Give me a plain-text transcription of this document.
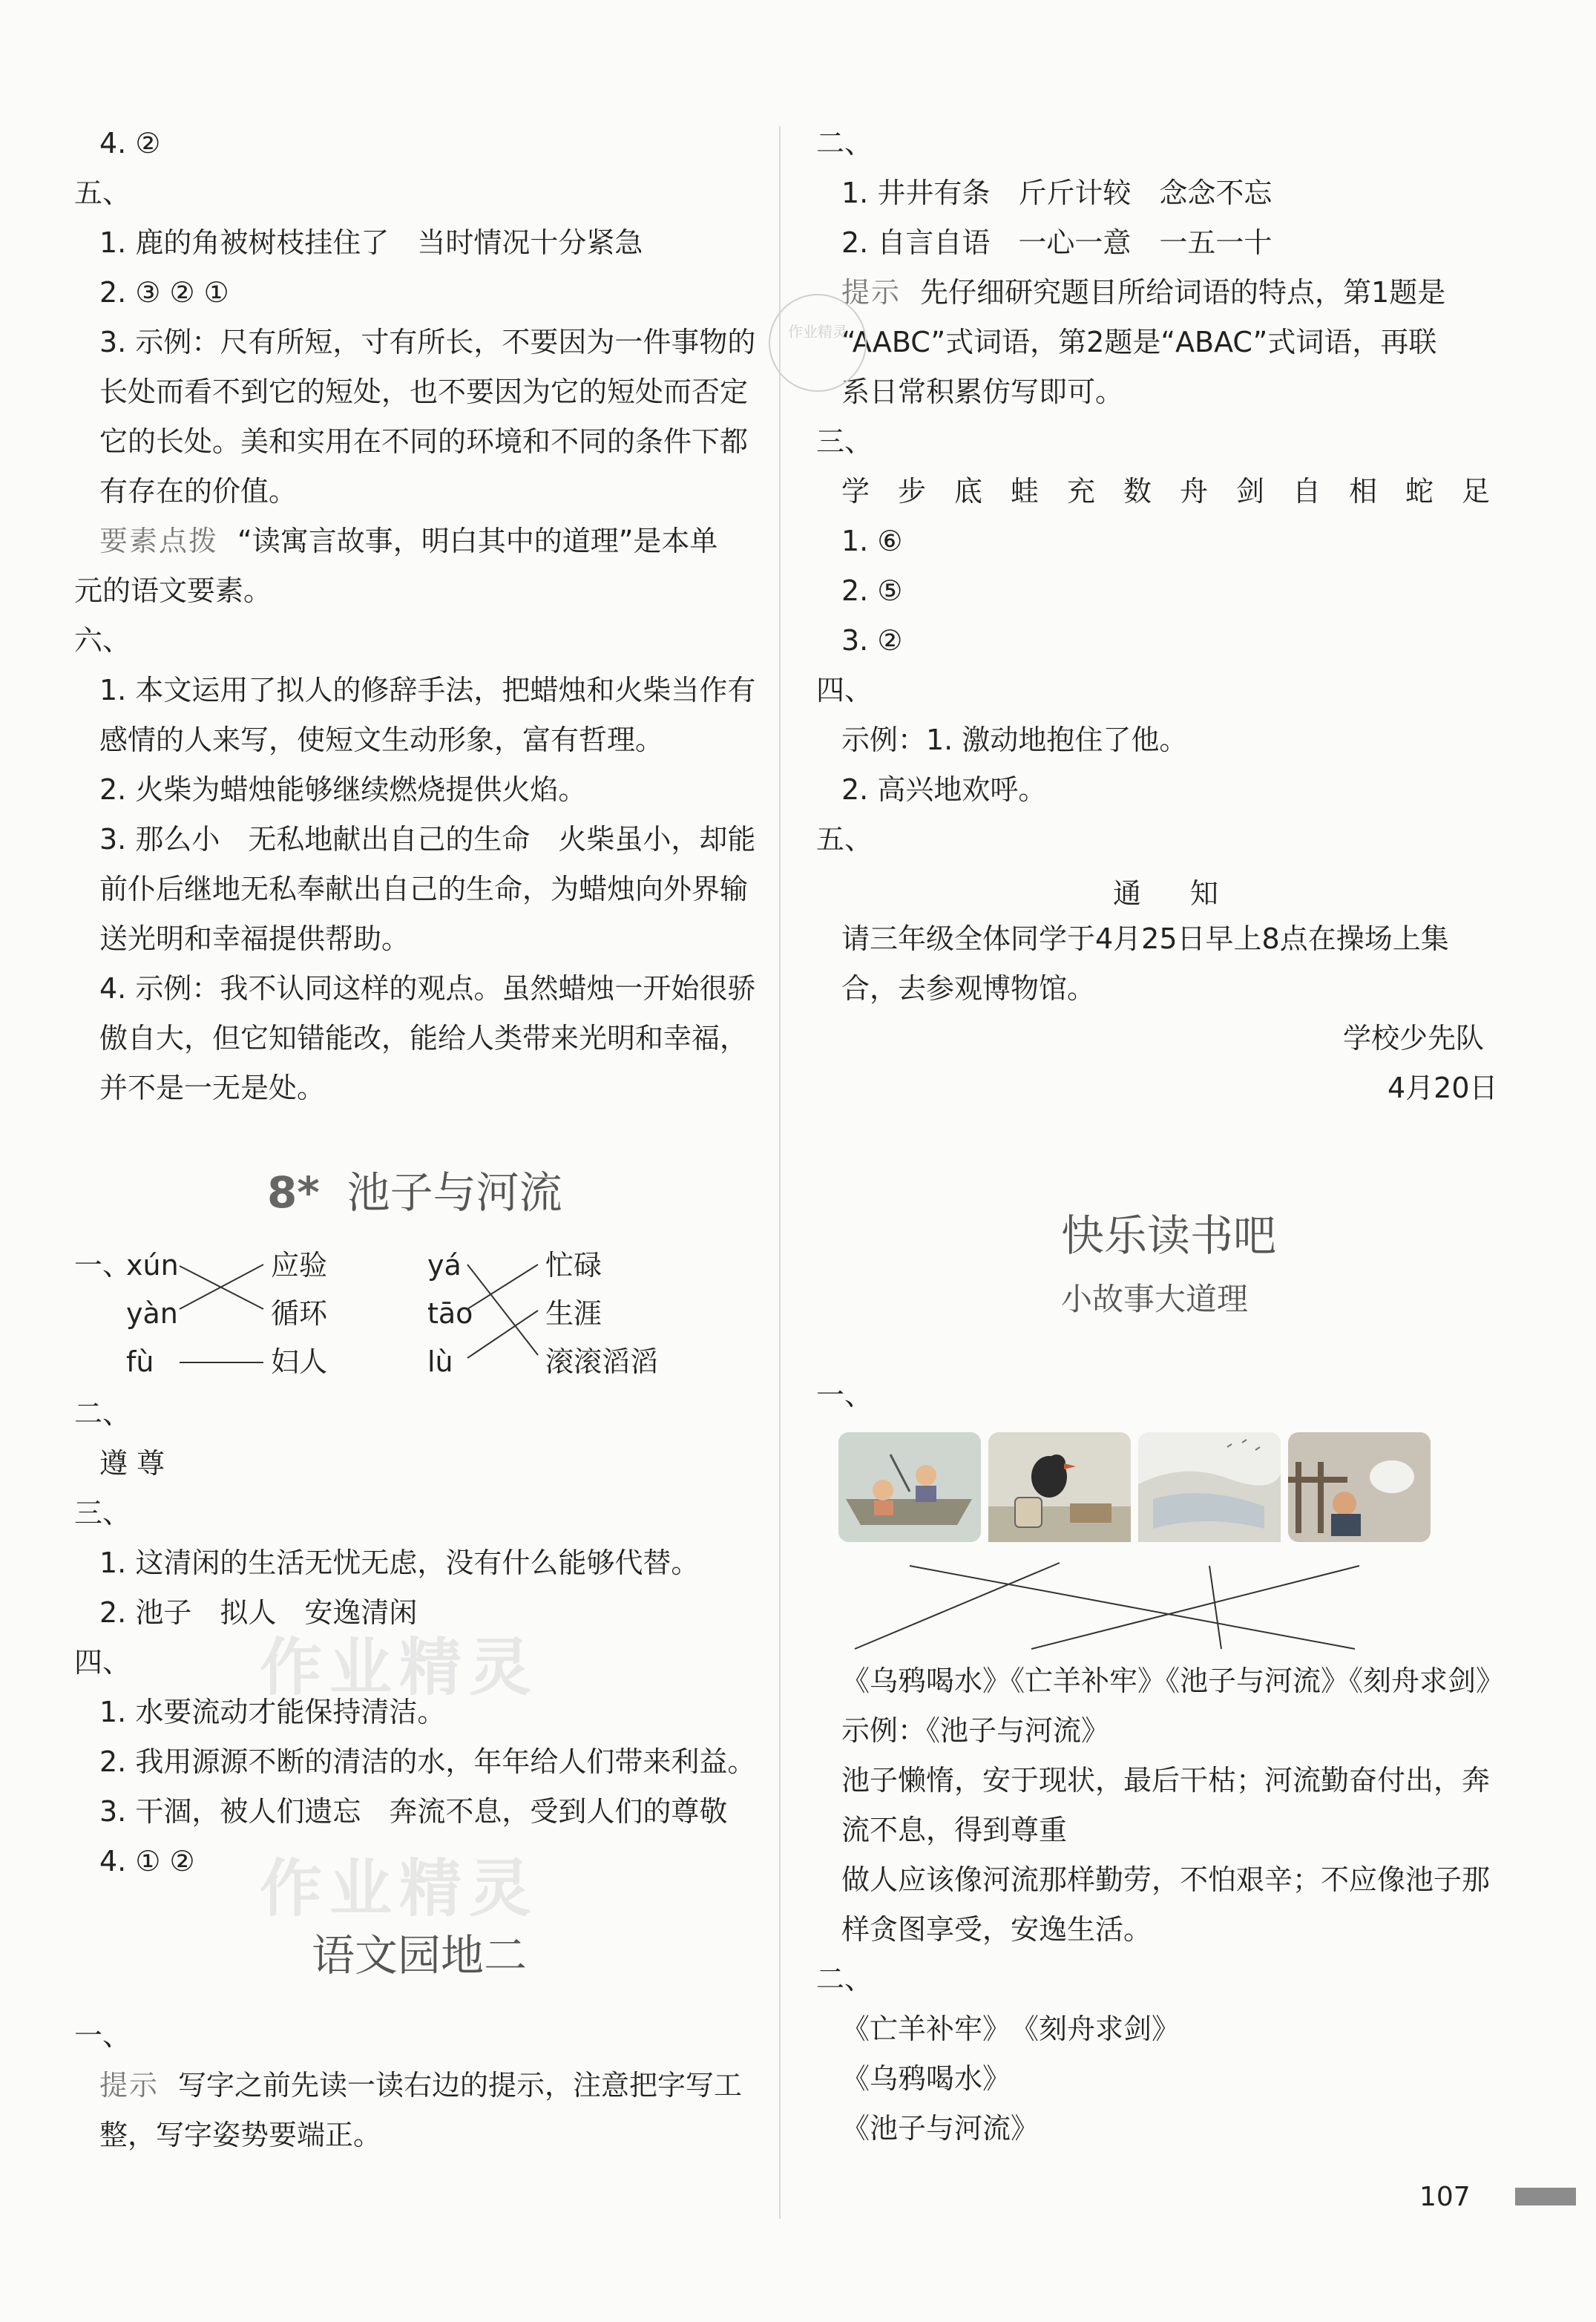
4. ②
五、
1. 鹿的角被树枝挂住了　当时情况十分紧急
2. ③ ② ①
3. 示例：尺有所短，寸有所长，不要因为一件事物的
长处而看不到它的短处，也不要因为它的短处而否定
它的长处。美和实用在不同的环境和不同的条件下都
有存在的价值。
要素点拨 “读寓言故事，明白其中的道理”是本单
元的语文要素。
六、
1. 本文运用了拟人的修辞手法，把蜡烛和火柴当作有
感情的人来写，使短文生动形象，富有哲理。
2. 火柴为蜡烛能够继续燃烧提供火焰。
3. 那么小　无私地献出自己的生命　火柴虽小，却能
前仆后继地无私奉献出自己的生命，为蜡烛向外界输
送光明和幸福提供帮助。
4. 示例：我不认同这样的观点。虽然蜡烛一开始很骄
傲自大，但它知错能改，能给人类带来光明和幸福，
并不是一无是处。
8* 池子与河流
一、
xún
yàn
fù
应验
循环
妇人
yá
tāo
lù
忙碌
生涯
滚滚滔滔
二、
遵 尊
三、
1. 这清闲的生活无忧无虑，没有什么能够代替。
2. 池子　拟人　安逸清闲
作业精灵
四、
1. 水要流动才能保持清洁。
2. 我用源源不断的清洁的水，年年给人们带来利益。
3. 干涸，被人们遗忘　奔流不息，受到人们的尊敬
4. ① ② 作业精灵
语文园地二
一、
提示 写字之前先读一读右边的提示，注意把字写工
整，写字姿势要端正。
二、
1. 井井有条　斤斤计较　念念不忘
2. 自言自语　一心一意　一五一十
提示 先仔细研究题目所给词语的特点，第1题是
“AABC”式词语，第2题是“ABAC”式词语，再联
系日常积累仿写即可。
三、
学　步　底　蛙　充　数　舟　剑　自　相　蛇　足
1. ⑥
2. ⑤
3. ②
四、
示例：1. 激动地抱住了他。
2. 高兴地欢呼。
五、
通　知
请三年级全体同学于4月25日早上8点在操场上集
合，去参观博物馆。
学校少先队
4月20日
快乐读书吧
小故事大道理
一、
《乌鸦喝水》《亡羊补牢》《池子与河流》《刻舟求剑》
示例：《池子与河流》
池子懒惰，安于现状，最后干枯；河流勤奋付出，奔
流不息，得到尊重
做人应该像河流那样勤劳，不怕艰辛；不应像池子那
样贪图享受，安逸生活。
二、
《亡羊补牢》　《刻舟求剑》
《乌鸦喝水》
《池子与河流》
作业精灵
107
